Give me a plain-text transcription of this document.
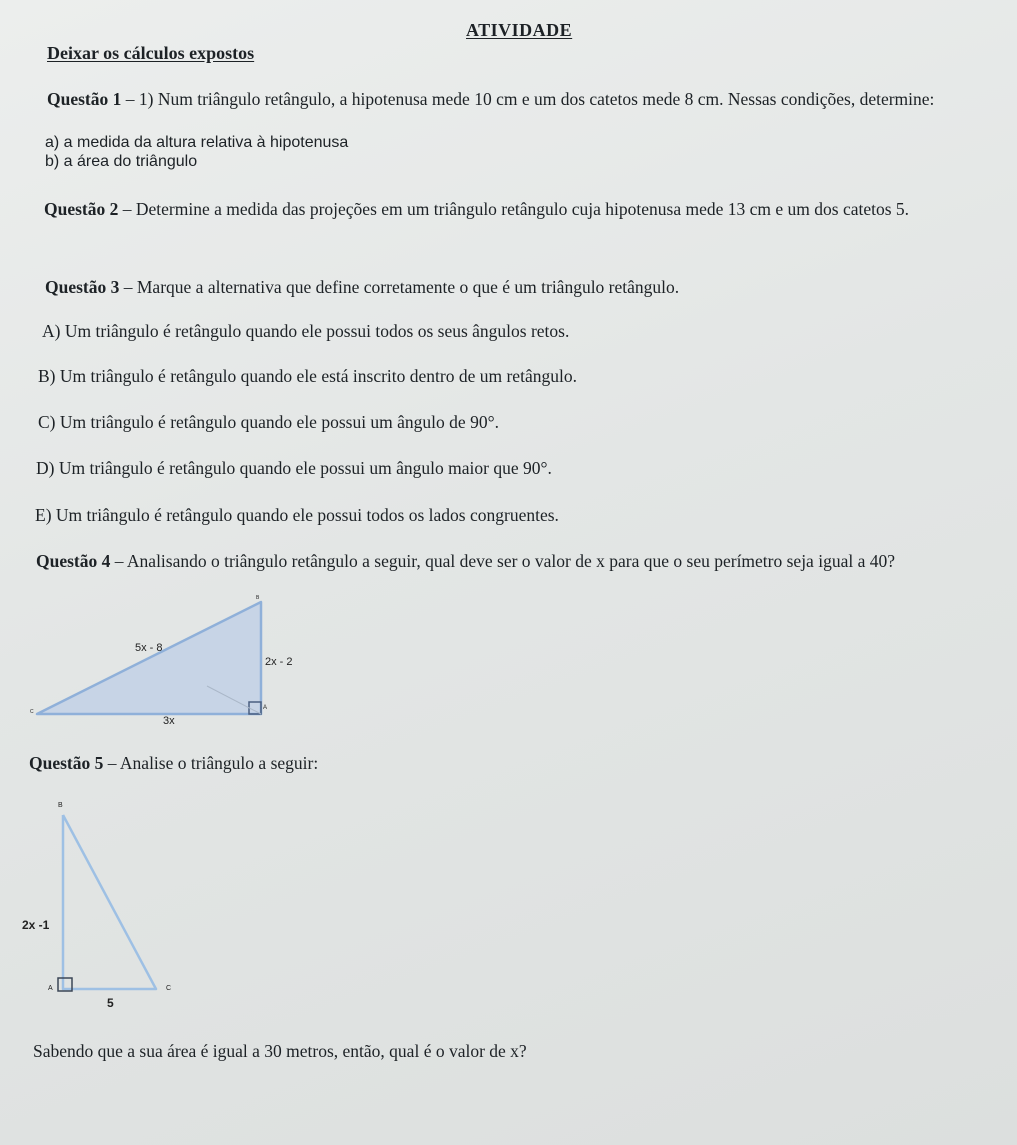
ATIVIDADE
Deixar os cálculos expostos
Questão 1 – 1) Num triângulo retângulo, a hipotenusa mede 10 cm e um dos catetos mede 8 cm. Nessas condições, determine:
a) a medida da altura relativa à hipotenusa
b) a área do triângulo
Questão 2 – Determine a medida das projeções em um triângulo retângulo cuja hipotenusa mede 13 cm e um dos catetos 5.
Questão 3 – Marque a alternativa que define corretamente o que é um triângulo retângulo.
A) Um triângulo é retângulo quando ele possui todos os seus ângulos retos.
B) Um triângulo é retângulo quando ele está inscrito dentro de um retângulo.
C) Um triângulo é retângulo quando ele possui um ângulo de 90°.
D) Um triângulo é retângulo quando ele possui um ângulo maior que 90°.
E) Um triângulo é retângulo quando ele possui todos os lados congruentes.
Questão 4 – Analisando o triângulo retângulo a seguir, qual deve ser o valor de x para que o seu perímetro seja igual a 40?
5x - 8
2x - 2
3x
B
A
C
Questão 5 – Analise o triângulo a seguir:
B
2x -1
A	C
5
Sabendo que a sua área é igual a 30 metros, então, qual é o valor de x?
